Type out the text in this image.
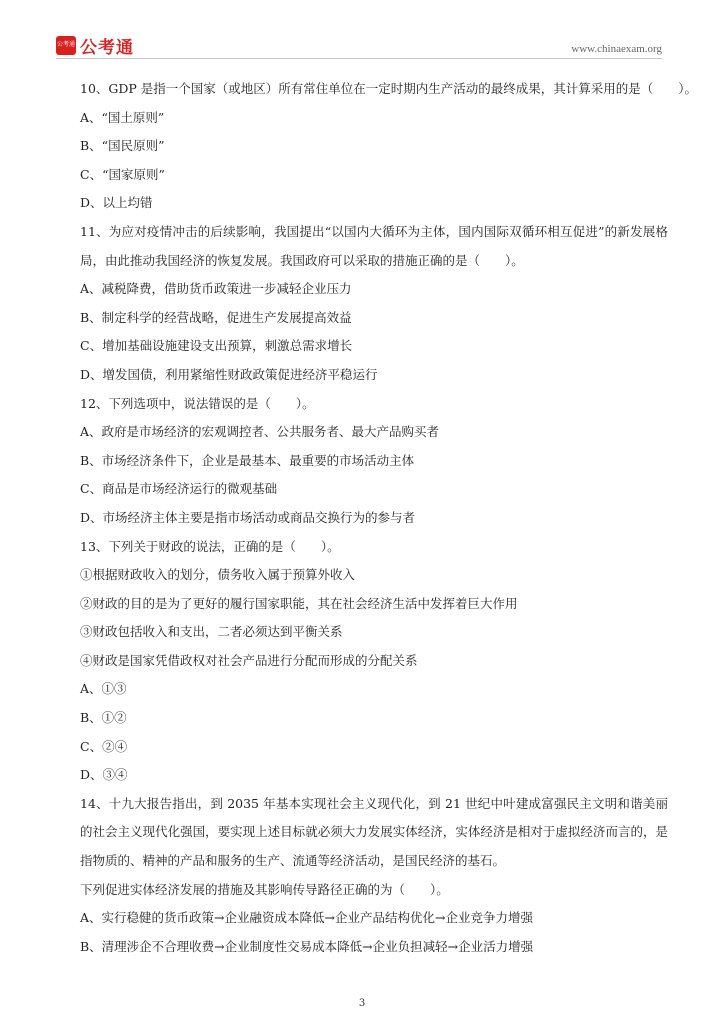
公考通 公考通	www.chinaexam.org
10、GDP 是指一个国家（或地区）所有常住单位在一定时期内生产活动的最终成果，其计算采用的是（　　）。
A、“国土原则”
B、“国民原则”
C、“国家原则”
D、以上均错
11、为应对疫情冲击的后续影响，我国提出“以国内大循环为主体，国内国际双循环相互促进”的新发展格局，由此推动我国经济的恢复发展。我国政府可以采取的措施正确的是（　　）。
A、减税降费，借助货币政策进一步减轻企业压力
B、制定科学的经营战略，促进生产发展提高效益
C、增加基础设施建设支出预算，刺激总需求增长
D、增发国债，利用紧缩性财政政策促进经济平稳运行
12、下列选项中，说法错误的是（　　）。
A、政府是市场经济的宏观调控者、公共服务者、最大产品购买者
B、市场经济条件下，企业是最基本、最重要的市场活动主体
C、商品是市场经济运行的微观基础
D、市场经济主体主要是指市场活动或商品交换行为的参与者
13、下列关于财政的说法，正确的是（　　）。
①根据财政收入的划分，债务收入属于预算外收入
②财政的目的是为了更好的履行国家职能，其在社会经济生活中发挥着巨大作用
③财政包括收入和支出，二者必须达到平衡关系
④财政是国家凭借政权对社会产品进行分配而形成的分配关系
A、①③
B、①②
C、②④
D、③④
14、十九大报告指出，到 2035 年基本实现社会主义现代化，到 21 世纪中叶建成富强民主文明和谐美丽的社会主义现代化强国，要实现上述目标就必须大力发展实体经济，实体经济是相对于虚拟经济而言的，是指物质的、精神的产品和服务的生产、流通等经济活动，是国民经济的基石。
下列促进实体经济发展的措施及其影响传导路径正确的为（　　）。
A、实行稳健的货币政策→企业融资成本降低→企业产品结构优化→企业竞争力增强
B、清理涉企不合理收费→企业制度性交易成本降低→企业负担减轻→企业活力增强
3
